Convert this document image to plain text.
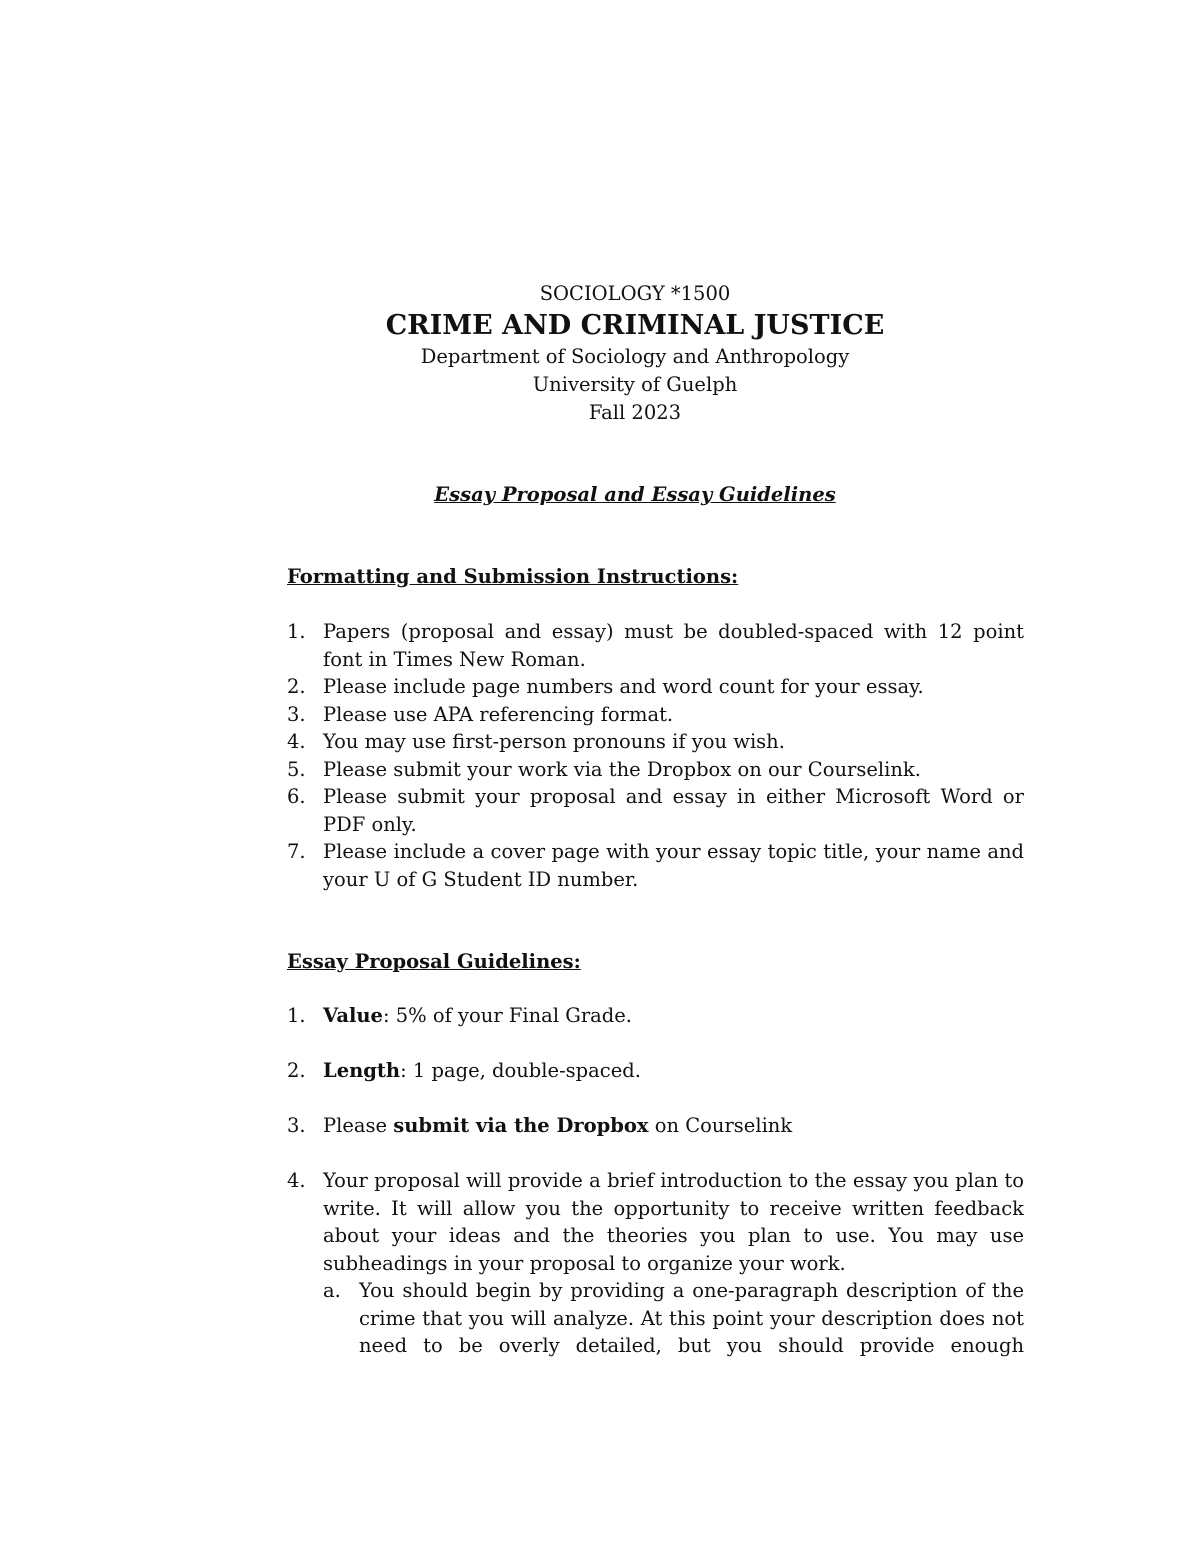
SOCIOLOGY *1500
CRIME AND CRIMINAL JUSTICE
Department of Sociology and Anthropology
University of Guelph
Fall 2023
Essay Proposal and Essay Guidelines
Formatting and Submission Instructions:
1. Papers (proposal and essay) must be doubled-spaced with 12 point font in Times New Roman.
2. Please include page numbers and word count for your essay.
3. Please use APA referencing format.
4. You may use first-person pronouns if you wish.
5. Please submit your work via the Dropbox on our Courselink.
6. Please submit your proposal and essay in either Microsoft Word or PDF only.
7. Please include a cover page with your essay topic title, your name and your U of G Student ID number.
Essay Proposal Guidelines:
1. Value: 5% of your Final Grade.
2. Length: 1 page, double-spaced.
3. Please submit via the Dropbox on Courselink
4. Your proposal will provide a brief introduction to the essay you plan to write. It will allow you the opportunity to receive written feedback about your ideas and the theories you plan to use. You may use subheadings in your proposal to organize your work.
a. You should begin by providing a one-paragraph description of the crime that you will analyze. At this point your description does not need to be overly detailed, but you should provide enough
